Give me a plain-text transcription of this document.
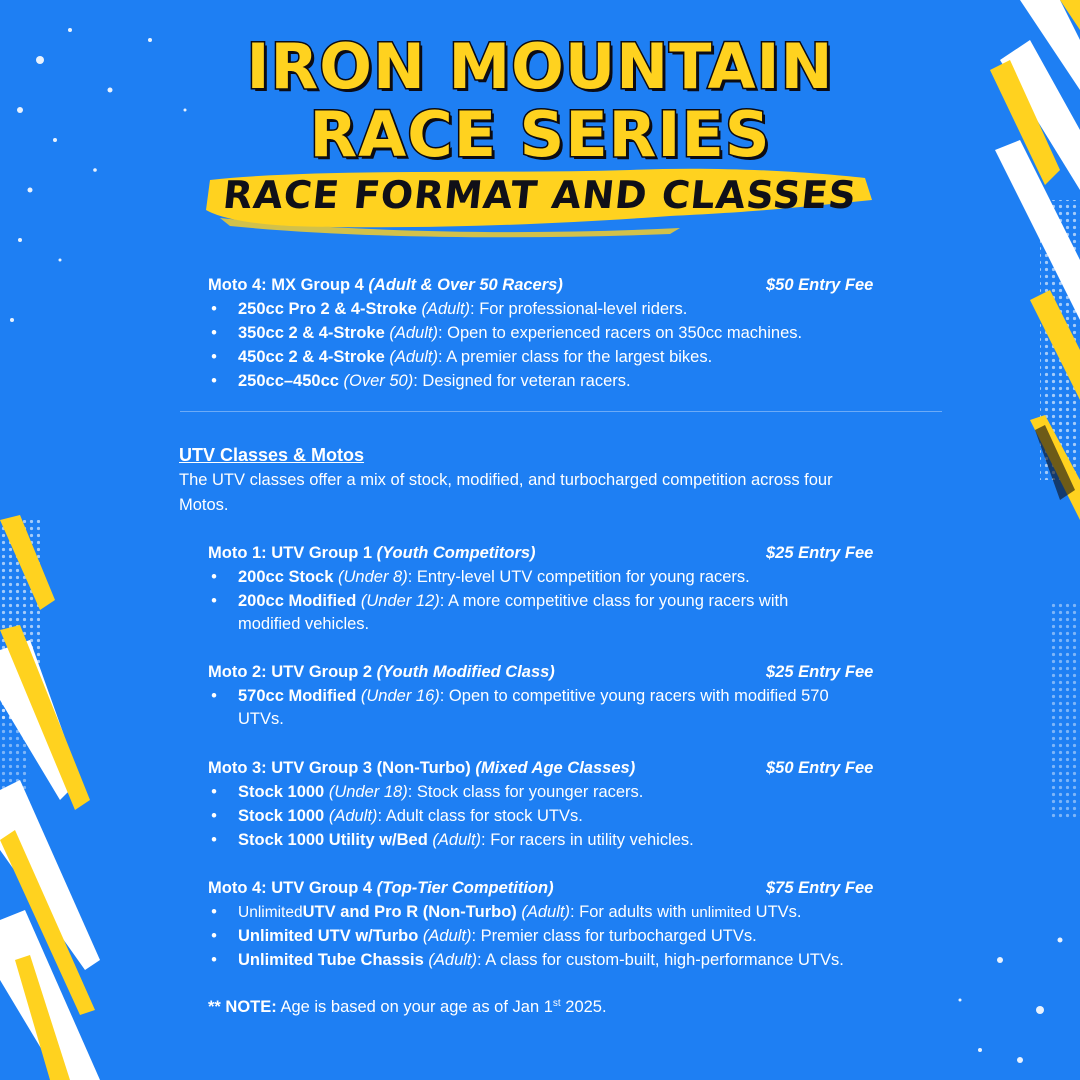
IRON MOUNTAIN
RACE SERIES
RACE FORMAT AND CLASSES
Moto 4: MX Group 4 (Adult & Over 50 Racers)	$50 Entry Fee
• 250cc Pro 2 & 4-Stroke (Adult): For professional-level riders.
• 350cc 2 & 4-Stroke (Adult): Open to experienced racers on 350cc machines.
• 450cc 2 & 4-Stroke (Adult): A premier class for the largest bikes.
• 250cc–450cc (Over 50): Designed for veteran racers.
UTV Classes & Motos
The UTV classes offer a mix of stock, modified, and turbocharged competition across four
Motos.
Moto 1: UTV Group 1 (Youth Competitors)	$25 Entry Fee
• 200cc Stock (Under 8): Entry-level UTV competition for young racers.
• 200cc Modified (Under 12): A more competitive class for young racers with
modified vehicles.
Moto 2: UTV Group 2 (Youth Modified Class)	$25 Entry Fee
• 570cc Modified (Under 16): Open to competitive young racers with modified 570
UTVs.
Moto 3: UTV Group 3 (Non-Turbo) (Mixed Age Classes)	$50 Entry Fee
• Stock 1000 (Under 18): Stock class for younger racers.
• Stock 1000 (Adult): Adult class for stock UTVs.
• Stock 1000 Utility w/Bed (Adult): For racers in utility vehicles.
Moto 4: UTV Group 4 (Top-Tier Competition)	$75 Entry Fee
• UnlimitedUTV and Pro R (Non-Turbo) (Adult): For adults with unlimited UTVs.
• Unlimited UTV w/Turbo (Adult): Premier class for turbocharged UTVs.
• Unlimited Tube Chassis (Adult): A class for custom-built, high-performance UTVs.
** NOTE: Age is based on your age as of Jan 1st 2025.
